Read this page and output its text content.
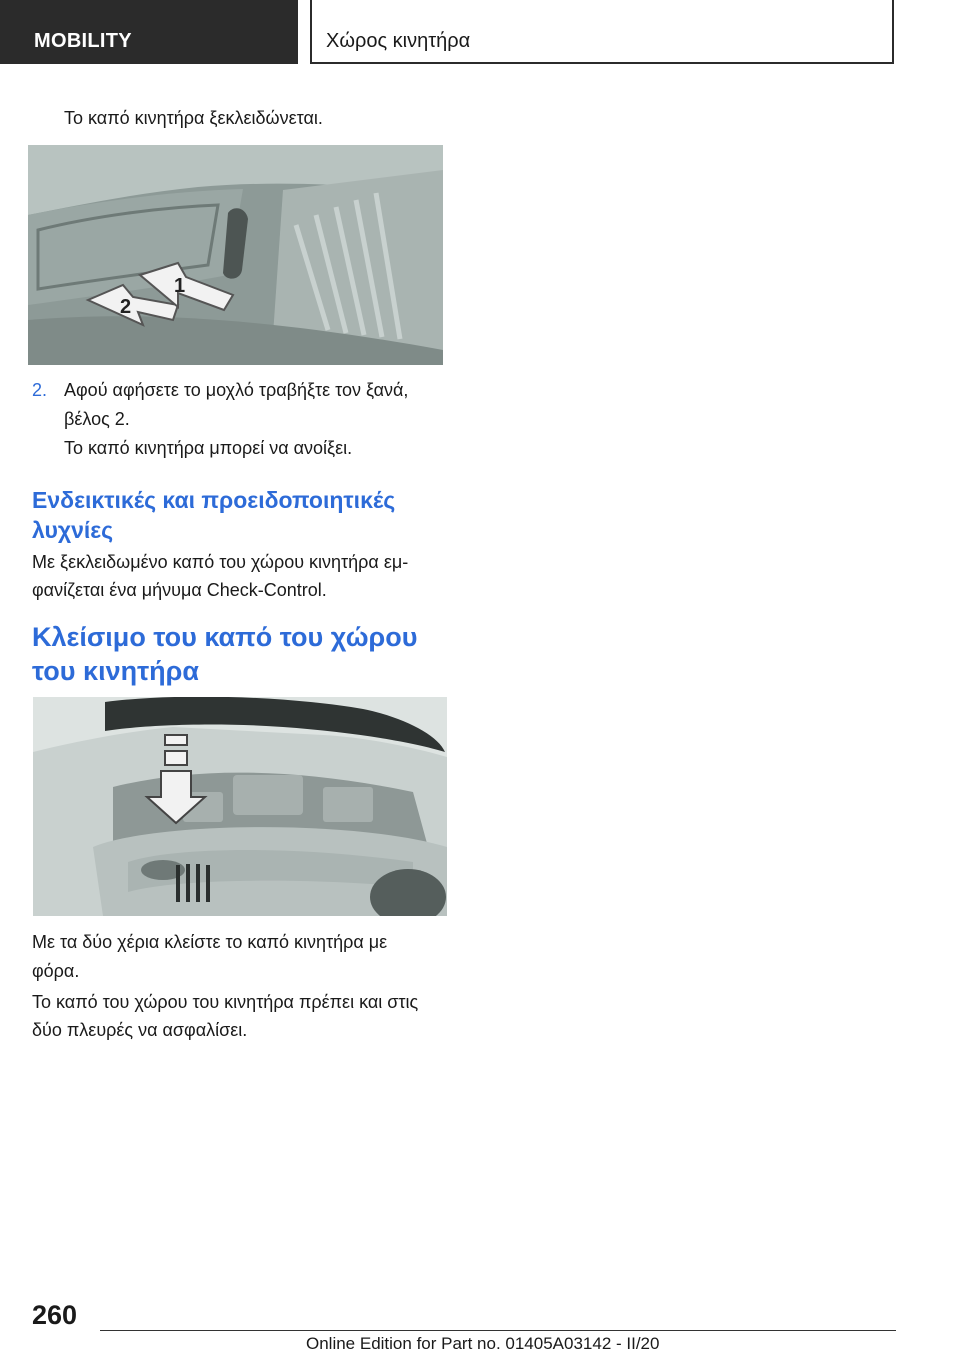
MOBILITY	Χώρος κινητήρα

Το καπό κινητήρα ξεκλειδώνεται.

2
1

2. Αφού αφήσετε το μοχλό τραβήξτε τον ξανά,

βέλος 2.

Το καπό κινητήρα μπορεί να ανοίξει.

Ενδεικτικές και προειδοποιητικές
λυχνίες

Με ξεκλειδωμένο καπό του χώρου κινητήρα εμ-

φανίζεται ένα μήνυμα Check-Control.

Κλείσιμο του καπό του χώρου
του κινητήρα

Με τα δύο χέρια κλείστε το καπό κινητήρα με

φόρα.

Το καπό του χώρου του κινητήρα πρέπει και στις

δύο πλευρές να ασφαλίσει.

260
Online Edition for Part no. 01405A03142 - II/20
